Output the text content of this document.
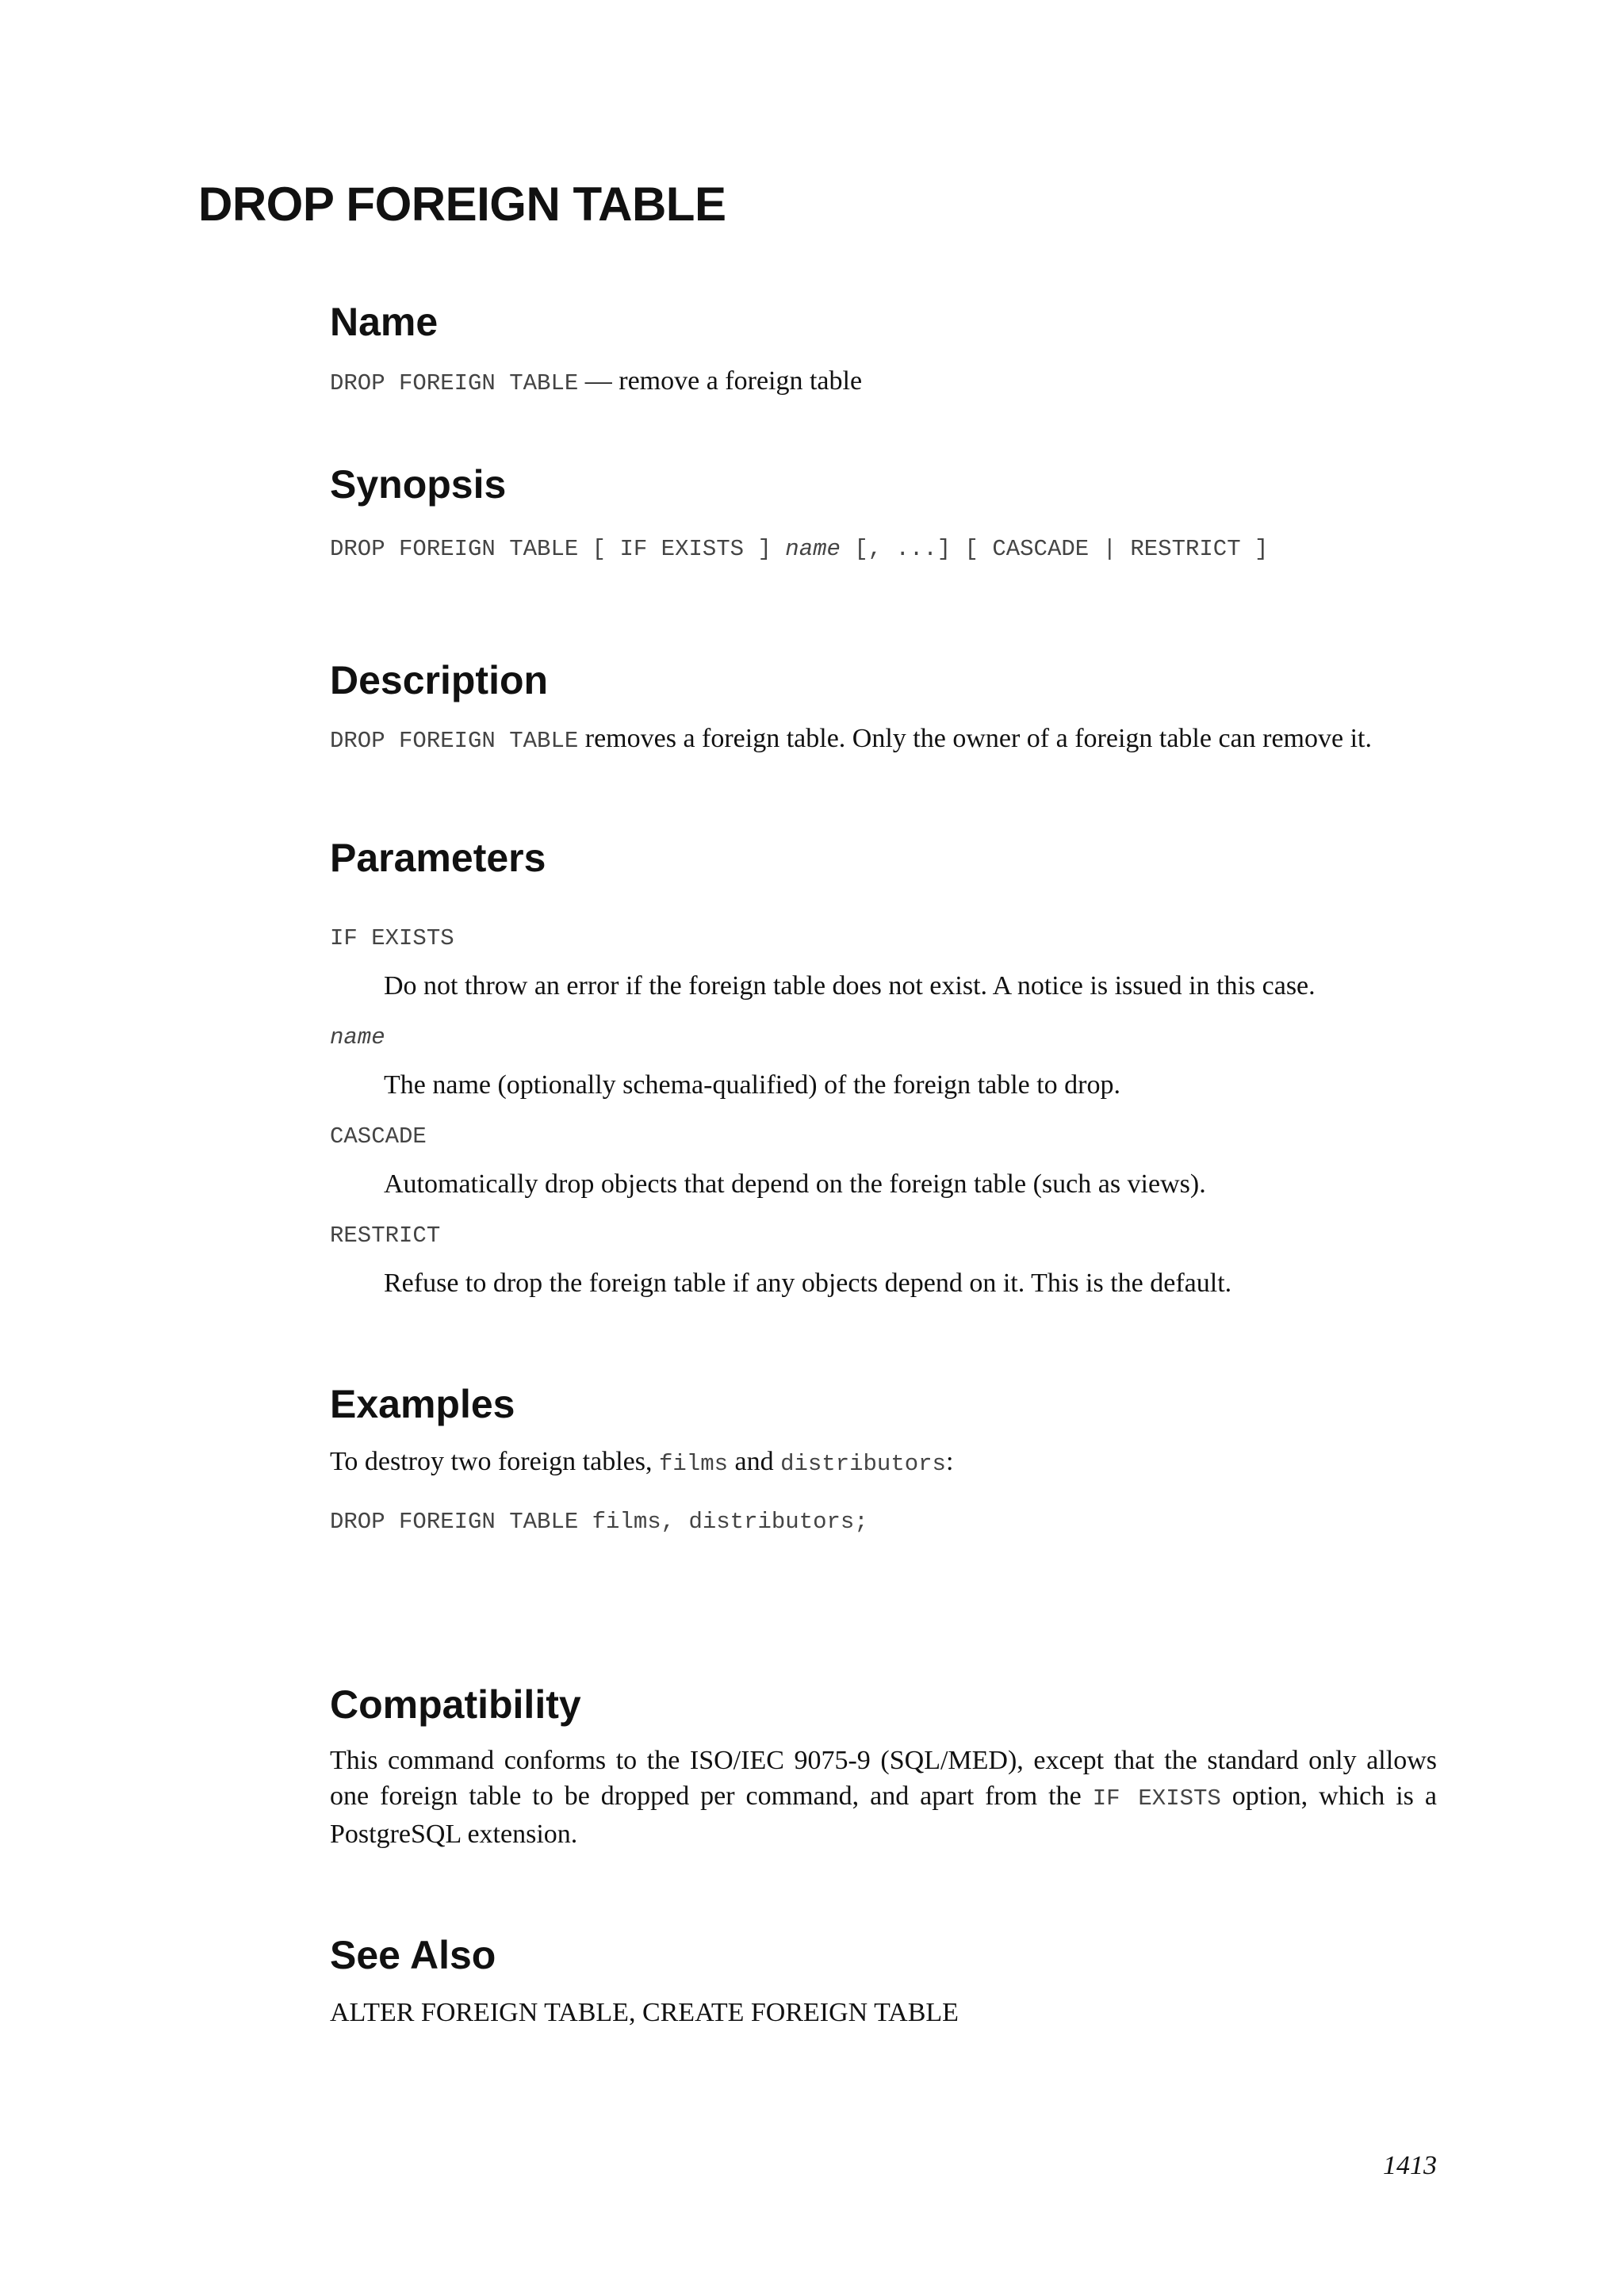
DROP FOREIGN TABLE
Name

DROP FOREIGN TABLE — remove a foreign table

Synopsis

DROP FOREIGN TABLE [ IF EXISTS ] name [, ...] [ CASCADE | RESTRICT ]

Description

DROP FOREIGN TABLE removes a foreign table. Only the owner of a foreign table can remove it.

Parameters

IF EXISTS

Do not throw an error if the foreign table does not exist. A notice is issued in this case.

name

The name (optionally schema-qualified) of the foreign table to drop.

CASCADE

Automatically drop objects that depend on the foreign table (such as views).

RESTRICT

Refuse to drop the foreign table if any objects depend on it. This is the default.

Examples

To destroy two foreign tables, films and distributors:

DROP FOREIGN TABLE films, distributors;

Compatibility

This command conforms to the ISO/IEC 9075-9 (SQL/MED), except that the standard only allows one foreign table to be dropped per command, and apart from the IF EXISTS option, which is a PostgreSQL extension.

See Also

ALTER FOREIGN TABLE, CREATE FOREIGN TABLE

1413
